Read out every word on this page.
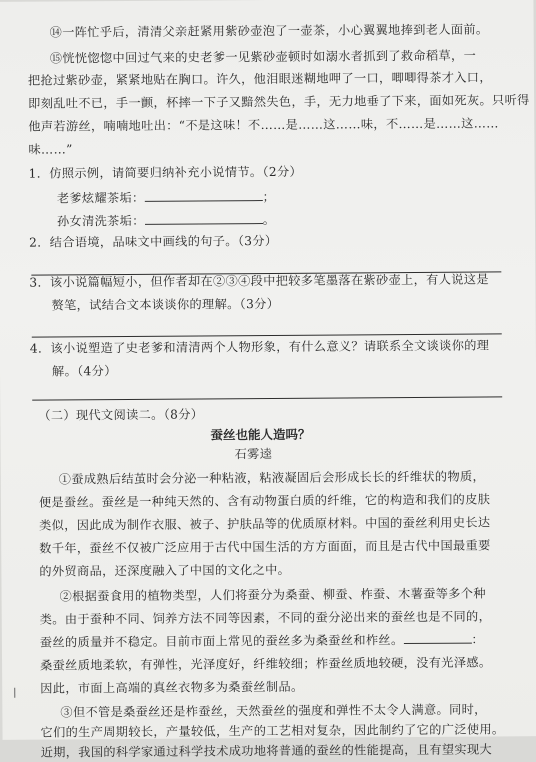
⑭一阵忙乎后，清清父亲赶紧用紫砂壶泡了一壶茶，小心翼翼地捧到老人面前。
⑮恍恍惚惚中回过气来的史老爹一见紫砂壶顿时如溺水者抓到了救命稻草，一
把抢过紫砂壶，紧紧地贴在胸口。许久，他泪眼迷糊地呷了一口，唧唧得茶才入口，
即刻乱吐不已，手一颤，杯摔一下子又黯然失色，手，无力地垂了下来，面如死灰。只听得
他声若游丝，喃喃地吐出：“不是这味！不……是……这……味，不……是……这……
味……”
1．仿照示例，请简要归纳补充小说情节。（2分）
老爹炫耀茶垢：	；
孙女清洗茶垢：	。
2．结合语境，品味文中画线的句子。（3分）
3．该小说篇幅短小，但作者却在②③④段中把较多笔墨落在紫砂壶上，有人说这是
赘笔，试结合文本谈谈你的理解。（3分）
4．该小说塑造了史老爹和清清两个人物形象，有什么意义？请联系全文谈谈你的理
解。（4分）
（二）现代文阅读二。（8分）
蚕丝也能人造吗？
石雾逵
①蚕成熟后结茧时会分泌一种粘液，粘液凝固后会形成长长的纤维状的物质，
便是蚕丝。蚕丝是一种纯天然的、含有动物蛋白质的纤维，它的构造和我们的皮肤
类似，因此成为制作衣服、被子、护肤品等的优质原材料。中国的蚕丝利用史长达
数千年，蚕丝不仅被广泛应用于古代中国生活的方方面面，而且是古代中国最重要
的外贸商品，还深度融入了中国的文化之中。
②根据蚕食用的植物类型，人们将蚕分为桑蚕、柳蚕、柞蚕、木薯蚕等多个种
类。由于蚕种不同、饲养方法不同等因素，不同的蚕分泌出来的蚕丝也是不同的，
蚕丝的质量并不稳定。目前市面上常见的蚕丝多为桑蚕丝和柞丝。	：
桑蚕丝质地柔软，有弹性，光泽度好，纤维较细；柞蚕丝质地较硬，没有光泽感。
因此，市面上高端的真丝衣物多为桑蚕丝制品。
③但不管是桑蚕丝还是柞蚕丝，天然蚕丝的强度和弹性不太令人满意。同时，
它们的生产周期较长，产量较低，生产的工艺相对复杂，因此制约了它的广泛使用。
近期，我国的科学家通过科学技术成功地将普通的蚕丝的性能提高，且有望实现大
